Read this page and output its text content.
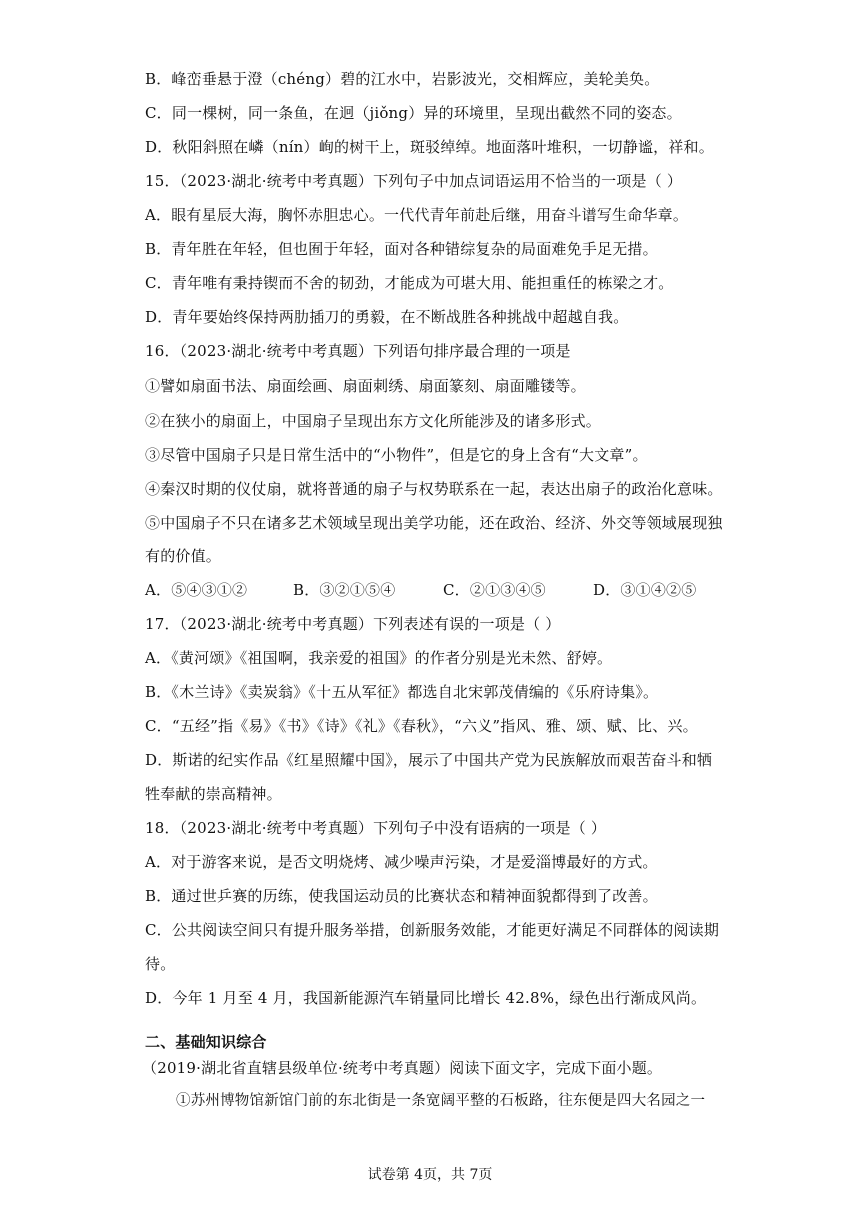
B．峰峦垂悬于澄（chéng）碧的江水中，岩影波光，交相辉应，美轮美奂。
C．同一棵树，同一条鱼，在迥（jiǒng）异的环境里，呈现出截然不同的姿态。
D．秋阳斜照在嶙（nín）峋的树干上，斑驳绰绰。地面落叶堆积，一切静谧，祥和。
15．（2023·湖北·统考中考真题）下列句子中加点词语运用不恰当的一项是（ ）
A．眼有星辰大海，胸怀赤胆忠心。一代代青年前赴后继，用奋斗谱写生命华章。
B．青年胜在年轻，但也囿于年轻，面对各种错综复杂的局面难免手足无措。
C．青年唯有秉持锲而不舍的韧劲，才能成为可堪大用、能担重任的栋梁之才。
D．青年要始终保持两肋插刀的勇毅，在不断战胜各种挑战中超越自我。
16．（2023·湖北·统考中考真题）下列语句排序最合理的一项是
①譬如扇面书法、扇面绘画、扇面刺绣、扇面篆刻、扇面雕镂等。
②在狭小的扇面上，中国扇子呈现出东方文化所能涉及的诸多形式。
③尽管中国扇子只是日常生活中的“小物件”，但是它的身上含有“大文章”。
④秦汉时期的仪仗扇，就将普通的扇子与权势联系在一起，表达出扇子的政治化意味。
⑤中国扇子不只在诸多艺术领域呈现出美学功能，还在政治、经济、外交等领域展现独
有的价值。
A．⑤④③①②	B．③②①⑤④	C．②①③④⑤	D．③①④②⑤
17．（2023·湖北·统考中考真题）下列表述有误的一项是（ ）
A．《黄河颂》《祖国啊，我亲爱的祖国》的作者分别是光未然、舒婷。
B．《木兰诗》《卖炭翁》《十五从军征》都选自北宋郭茂倩编的《乐府诗集》。
C．“五经”指《易》《书》《诗》《礼》《春秋》，“六义”指风、雅、颂、赋、比、兴。
D．斯诺的纪实作品《红星照耀中国》，展示了中国共产党为民族解放而艰苦奋斗和牺
牲奉献的崇高精神。
18．（2023·湖北·统考中考真题）下列句子中没有语病的一项是（ ）
A．对于游客来说，是否文明烧烤、减少噪声污染，才是爱淄博最好的方式。
B．通过世乒赛的历练，使我国运动员的比赛状态和精神面貌都得到了改善。
C．公共阅读空间只有提升服务举措，创新服务效能，才能更好满足不同群体的阅读期
待。
D．今年 1 月至 4 月，我国新能源汽车销量同比增长 42.8%，绿色出行渐成风尚。
二、基础知识综合
（2019·湖北省直辖县级单位·统考中考真题）阅读下面文字，完成下面小题。
①苏州博物馆新馆门前的东北街是一条宽阔平整的石板路，往东便是四大名园之一
试卷第 4页，共 7页
